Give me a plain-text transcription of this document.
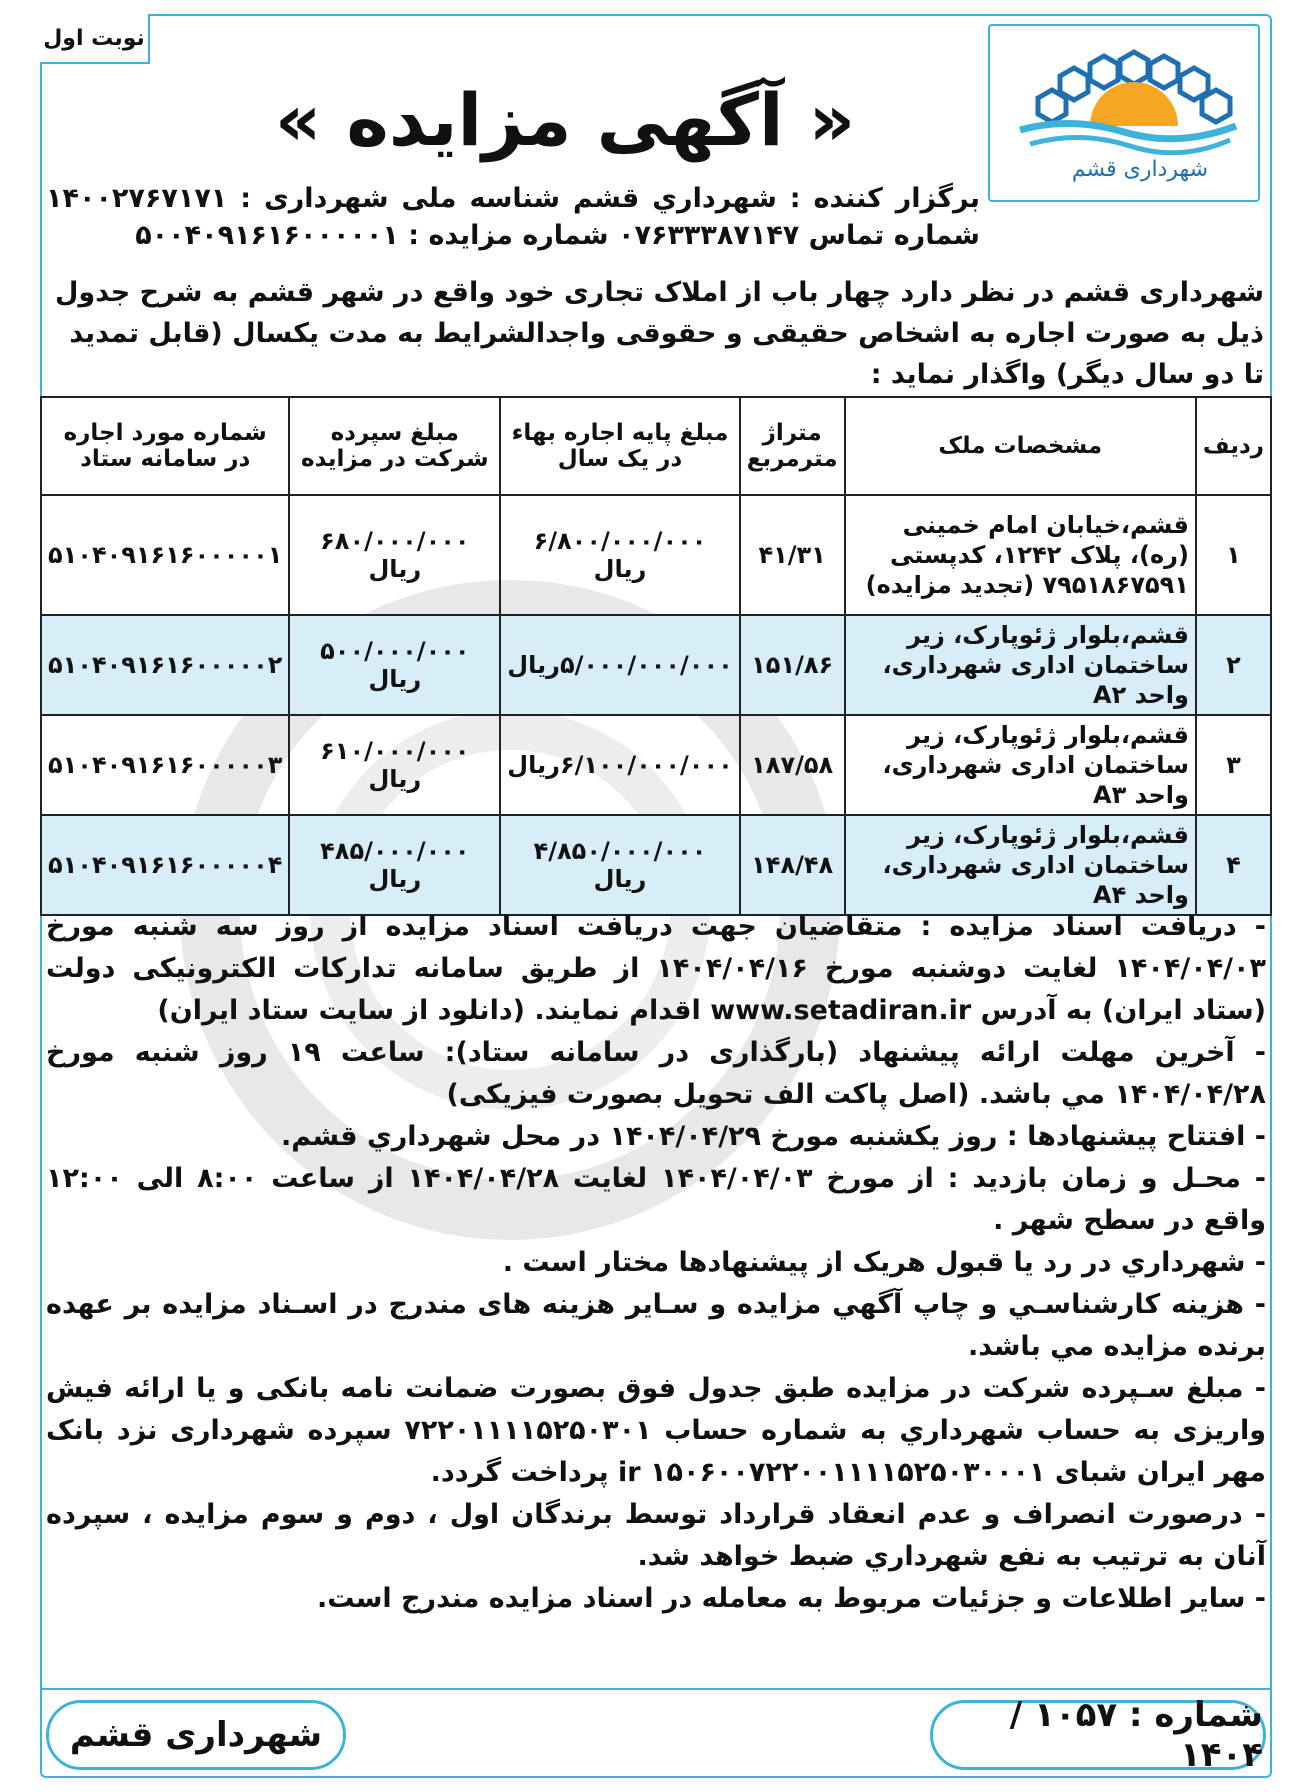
نوبت اول
شهرداری قشم
« آگهی مزایده »
برگزار کننده : شهرداري قشم شناسه ملی شهرداری : ۱۴۰۰۲۷۶۷۱۷۱ شماره تماس ۰۷۶۳۳۳۸۷۱۴۷ شماره مزایده : ۵۰۰۴۰۹۱۶۱۶۰۰۰۰۰۱
شهرداری قشم در نظر دارد چهار باب از املاک تجاری خود واقع در شهر قشم به شرح جدول ذیل به صورت اجاره به اشخاص حقیقی و حقوقی واجدالشرایط به مدت یکسال (قابل تمدید تا دو سال دیگر) واگذار نماید :
ردیف	مشخصات ملک	متراژ مترمربع	مبلغ پایه اجاره بهاء در یک سال	مبلغ سپرده شرکت در مزایده	شماره مورد اجاره در سامانه ستاد
۱	قشم،خیابان امام خمینی (ره)، پلاک ۱۲۴۲، کدپستی ۷۹۵۱۸۶۷۵۹۱ (تجدید مزایده)	۴۱/۳۱	۶/۸۰۰/۰۰۰/۰۰۰ ریال	۶۸۰/۰۰۰/۰۰۰ ریال	۵۱۰۴۰۹۱۶۱۶۰۰۰۰۰۱
۲	قشم،بلوار ژئوپارک، زیر ساختمان اداری شهرداری، واحد A۲	۱۵۱/۸۶	۵/۰۰۰/۰۰۰/۰۰۰ریال	۵۰۰/۰۰۰/۰۰۰ ریال	۵۱۰۴۰۹۱۶۱۶۰۰۰۰۰۲
۳	قشم،بلوار ژئوپارک، زیر ساختمان اداری شهرداری، واحد A۳	۱۸۷/۵۸	۶/۱۰۰/۰۰۰/۰۰۰ریال	۶۱۰/۰۰۰/۰۰۰ ریال	۵۱۰۴۰۹۱۶۱۶۰۰۰۰۰۳
۴	قشم،بلوار ژئوپارک، زیر ساختمان اداری شهرداری، واحد A۴	۱۴۸/۴۸	۴/۸۵۰/۰۰۰/۰۰۰ ریال	۴۸۵/۰۰۰/۰۰۰ ریال	۵۱۰۴۰۹۱۶۱۶۰۰۰۰۰۴

- دریافت اسناد مزایده : متقاضیان جهت دریافت اسناد مزایده از روز سه شنبه مورخ ۱۴۰۴/۰۴/۰۳ لغایت دوشنبه مورخ ۱۴۰۴/۰۴/۱۶ از طریق سامانه تدارکات الکترونیکی دولت (ستاد ایران) به آدرس www.setadiran.ir اقدام نمایند. (دانلود از سایت ستاد ایران)

- آخرین مهلت ارائه پیشنهاد (بارگذاری در سامانه ستاد): ساعت ۱۹ روز شنبه مورخ ۱۴۰۴/۰۴/۲۸ مي باشد. (اصل پاکت الف تحویل بصورت فیزیکی)

- افتتاح پیشنهادها : روز یکشنبه مورخ ۱۴۰۴/۰۴/۲۹ در محل شهرداري قشم.

- محـل و زمان بازدید : از مورخ ۱۴۰۴/۰۴/۰۳ لغایت ۱۴۰۴/۰۴/۲۸ از ساعت ۸:۰۰ الی ۱۲:۰۰ واقع در سطح شهر .

- شهرداري در رد یا قبول هریک از پیشنهادها مختار است .

- هزینه کارشناسـي و چاپ آگهي مزایده و سـایر هزینه های مندرج در اسـناد مزایده بر عهده برنده مزایده مي باشد.

- مبلغ سـپرده شرکت در مزایده طبق جدول فوق بصورت ضمانت نامه بانکی و یا ارائه فیش واریزی به حساب شهرداري به شماره حساب ۷۲۲۰۱۱۱۱۵۲۵۰۳۰۱ سپرده شهرداری نزد بانک مهر ایران شبای ir ۱۵۰۶۰۰۷۲۲۰۰۱۱۱۱۵۲۵۰۳۰۰۰۱ پرداخت گردد.

- درصورت انصراف و عدم انعقاد قرارداد توسط برندگان اول ، دوم و سوم مزایده ، سپرده آنان به ترتیب به نفع شهرداري ضبط خواهد شد.

- سایر اطلاعات و جزئیات مربوط به معامله در اسناد مزایده مندرج است.

شهرداری قشم	شماره : ۱۰۵۷ / ۱۴۰۴
